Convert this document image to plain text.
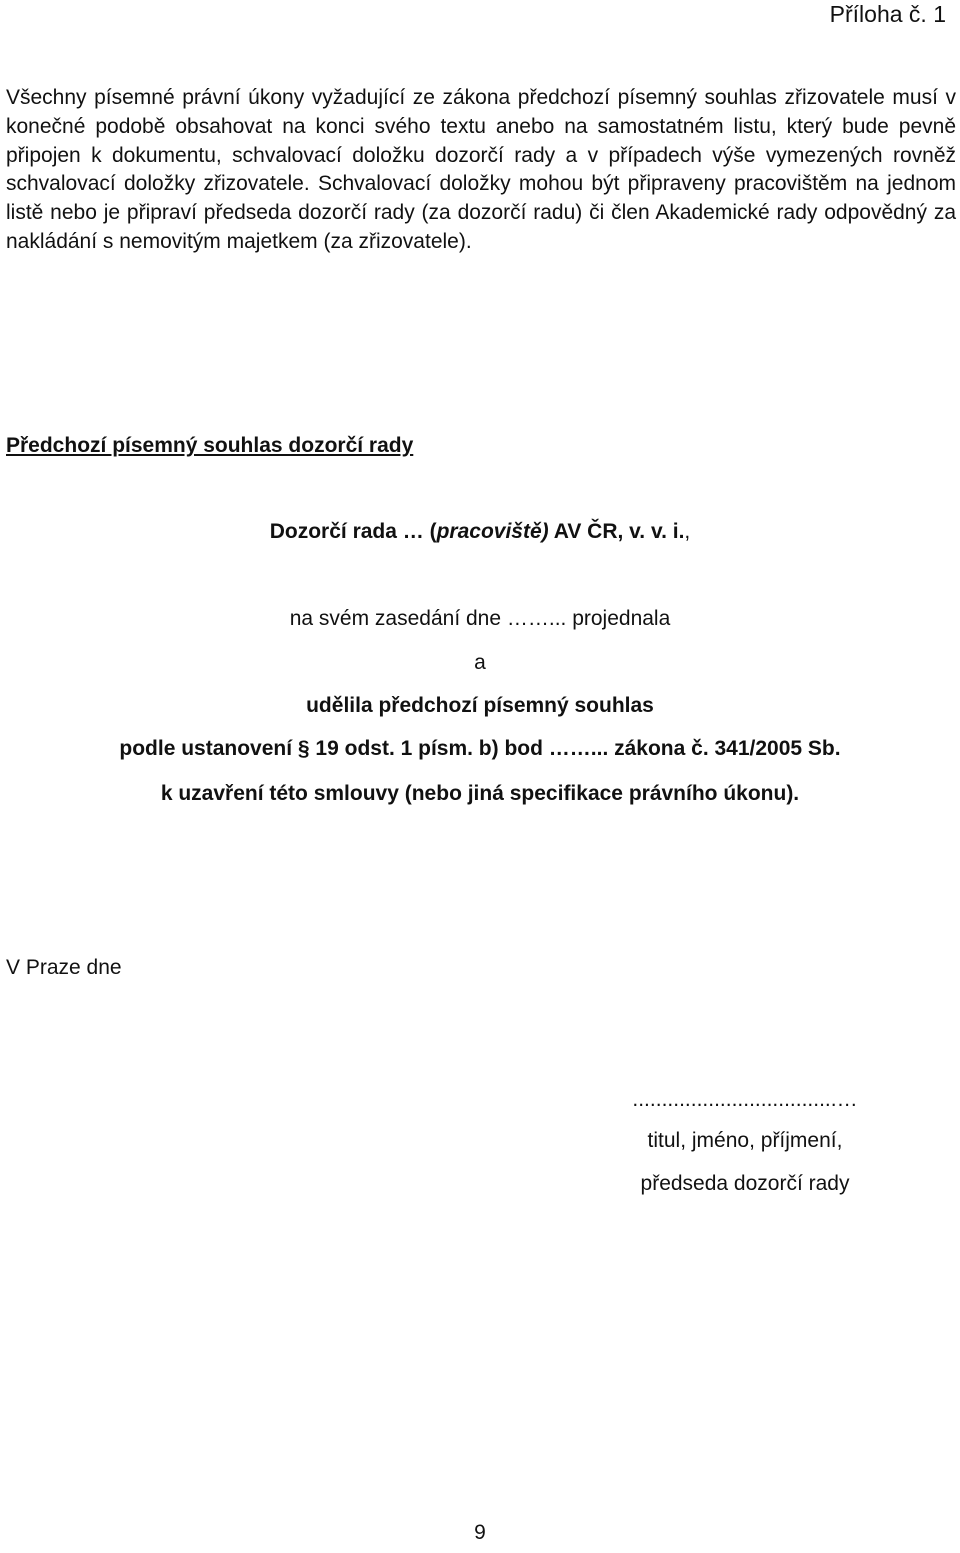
Příloha č. 1

Všechny písemné právní úkony vyžadující ze zákona předchozí písemný souhlas zřizovatele musí v konečné podobě obsahovat na konci svého textu anebo na samostatném listu, který bude pevně připojen k dokumentu, schvalovací doložku dozorčí rady a v případech výše vymezených rovněž schvalovací doložky zřizovatele. Schvalovací doložky mohou být připraveny pracovištěm na jednom listě nebo je připraví předseda dozorčí rady (za dozorčí radu) či člen Akademické rady odpovědný za nakládání s nemovitým majetkem (za zřizovatele).

Předchozí písemný souhlas dozorčí rady

Dozorčí rada … (pracoviště) AV ČR, v. v. i.,

na svém zasedání dne ……... projednala

a

udělila předchozí písemný souhlas

podle ustanovení § 19 odst. 1 písm. b) bod ……... zákona č. 341/2005 Sb.

k uzavření této smlouvy (nebo jiná specifikace právního úkonu).

V Praze dne

...................................…

titul, jméno, příjmení,

předseda dozorčí rady

9
